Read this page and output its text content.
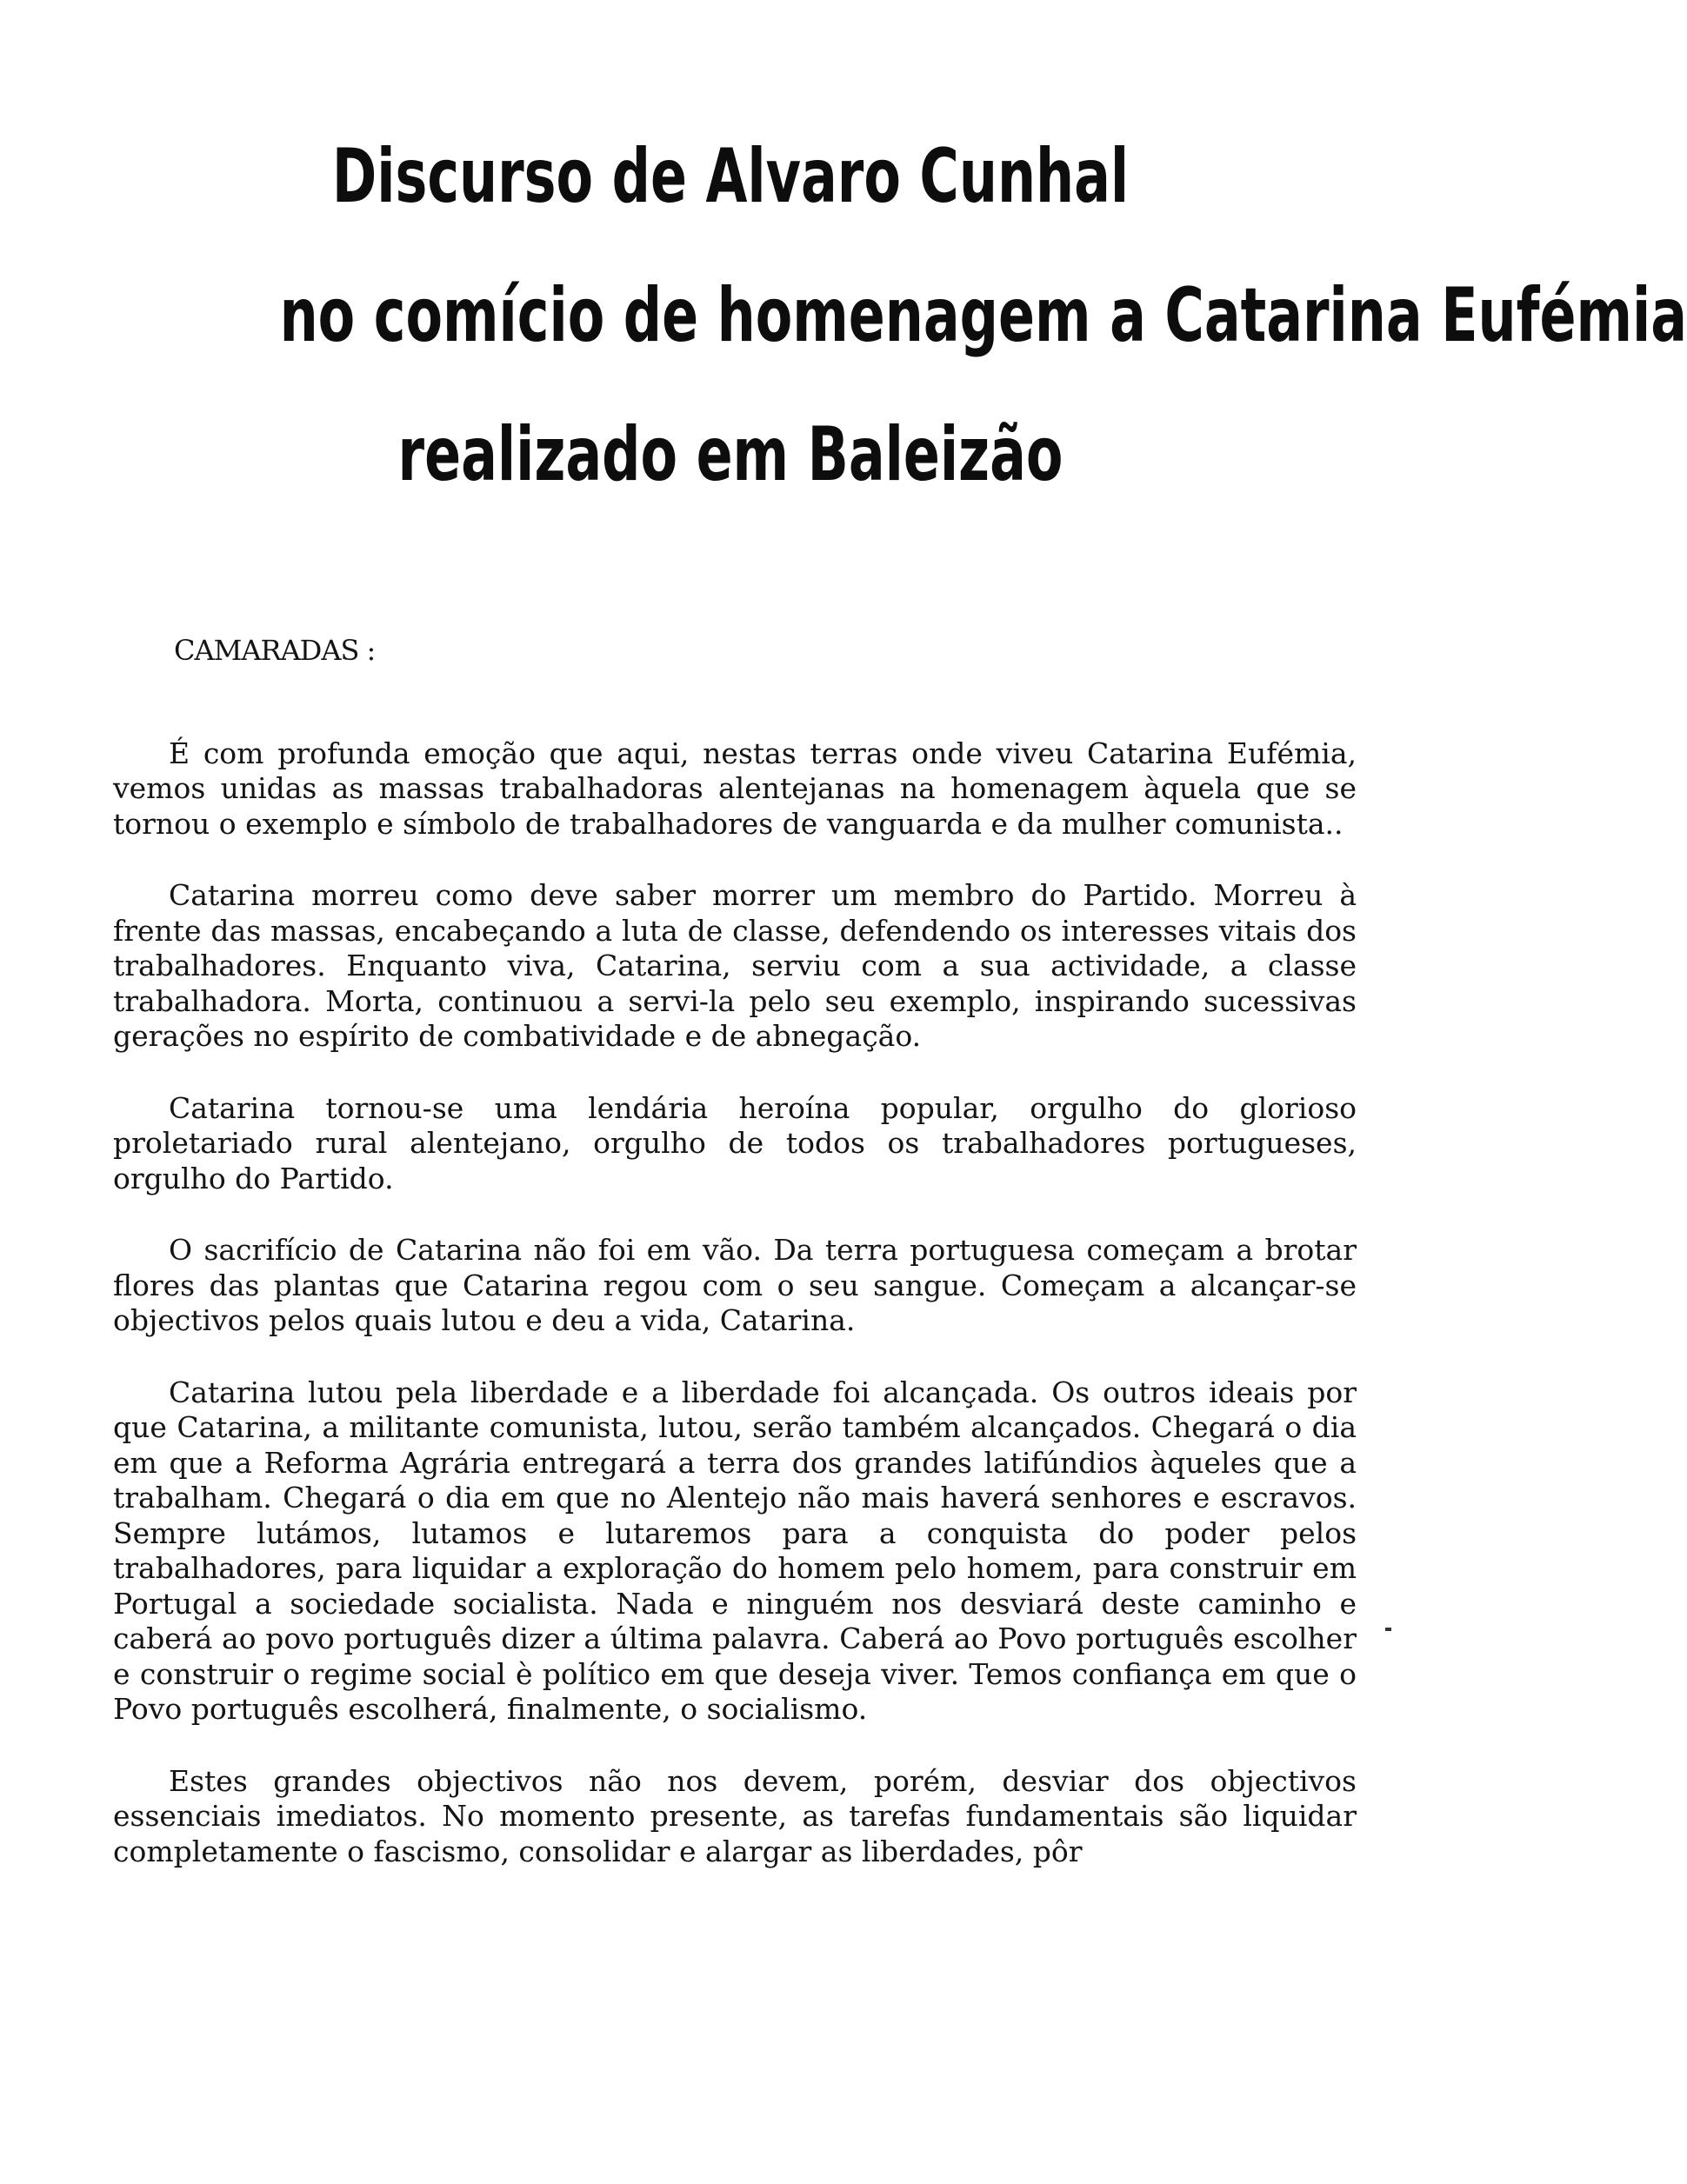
Discurso de Alvaro Cunhal
no comício de homenagem a Catarina Eufémia
realizado em Baleizão

CAMARADAS :

É com profunda emoção que aqui, nestas terras onde viveu Catarina Eufémia, vemos unidas as massas trabalhadoras alentejanas na homenagem àquela que se tornou o exemplo e símbolo de trabalhadores de vanguarda e da mulher comunista..

Catarina morreu como deve saber morrer um membro do Partido. Morreu à frente das massas, encabeçando a luta de classe, defendendo os interesses vitais dos trabalhadores. Enquanto viva, Catarina, serviu com a sua actividade, a classe trabalhadora. Morta, continuou a servi-la pelo seu exemplo, inspirando sucessivas gerações no espírito de combatividade e de abnegação.

Catarina tornou-se uma lendária heroína popular, orgulho do glorioso proletariado rural alentejano, orgulho de todos os trabalhadores portugueses, orgulho do Partido.

O sacrifício de Catarina não foi em vão. Da terra portuguesa começam a brotar flores das plantas que Catarina regou com o seu sangue. Começam a alcançar-se objectivos pelos quais lutou e deu a vida, Catarina.

Catarina lutou pela liberdade e a liberdade foi alcançada. Os outros ideais por que Catarina, a militante comunista, lutou, serão também alcançados. Chegará o dia em que a Reforma Agrária entregará a terra dos grandes latifúndios àqueles que a trabalham. Chegará o dia em que no Alentejo não mais haverá senhores e escravos. Sempre lutámos, lutamos e lutaremos para a conquista do poder pelos trabalhadores, para liquidar a exploração do homem pelo homem, para construir em Portugal a sociedade socialista. Nada e ninguém nos desviará deste caminho e caberá ao povo português dizer a última palavra. Caberá ao Povo português escolher e construir o regime social è político em que deseja viver. Temos confiança em que o Povo português escolherá, finalmente, o socialismo.

Estes grandes objectivos não nos devem, porém, desviar dos objectivos essenciais imediatos. No momento presente, as tarefas fundamentais são liquidar completamente o fascismo, consolidar e alargar as liberdades, pôr
